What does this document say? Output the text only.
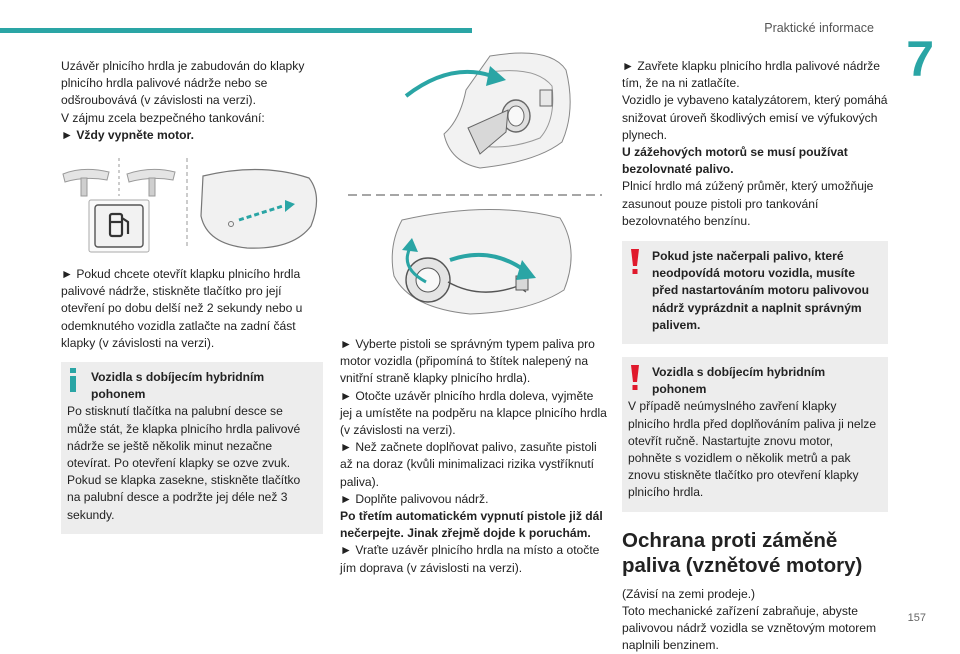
Praktické informace
7
157

Uzávěr plnicího hrdla je zabudován do klapky plnicího hrdla palivové nádrže nebo se odšroubovává (v závislosti na verzi).

V zájmu zcela bezpečného tankování:

► Vždy vypněte motor.

► Pokud chcete otevřít klapku plnicího hrdla palivové nádrže, stiskněte tlačítko pro její otevření po dobu delší než 2 sekundy nebo u odemknutého vozidla zatlačte na zadní část klapky (v závislosti na verzi).

Vozidla s dobíjecím hybridním pohonem

Po stisknutí tlačítka na palubní desce se může stát, že klapka plnicího hrdla palivové nádrže se ještě několik minut nezačne otevírat. Po otevření klapky se ozve zvuk. Pokud se klapka zasekne, stiskněte tlačítko na palubní desce a podržte jej déle než 3 sekundy.

► Vyberte pistoli se správným typem paliva pro motor vozidla (připomíná to štítek nalepený na vnitřní straně klapky plnicího hrdla).

► Otočte uzávěr plnicího hrdla doleva, vyjměte jej a umístěte na podpěru na klapce plnicího hrdla (v závislosti na verzi).

► Než začnete doplňovat palivo, zasuňte pistoli až na doraz (kvůli minimalizaci rizika vystříknutí paliva).

► Doplňte palivovou nádrž.

Po třetím automatickém vypnutí pistole již dál nečerpejte. Jinak zřejmě dojde k poruchám.

► Vraťte uzávěr plnicího hrdla na místo a otočte jím doprava (v závislosti na verzi).

► Zavřete klapku plnicího hrdla palivové nádrže tím, že na ni zatlačíte.

Vozidlo je vybaveno katalyzátorem, který pomáhá snižovat úroveň škodlivých emisí ve výfukových plynech.

U zážehových motorů se musí používat bezolovnaté palivo.

Plnicí hrdlo má zúžený průměr, který umožňuje zasunout pouze pistoli pro tankování bezolovnatého benzínu.

Pokud jste načerpali palivo, které neodpovídá motoru vozidla, musíte před nastartováním motoru palivovou nádrž vyprázdnit a naplnit správným palivem.

Vozidla s dobíjecím hybridním pohonem

V případě neúmyslného zavření klapky plnicího hrdla před doplňováním paliva ji nelze otevřít ručně. Nastartujte znovu motor, pohněte s vozidlem o několik metrů a pak znovu stiskněte tlačítko pro otevření klapky plnicího hrdla.

Ochrana proti záměně paliva (vznětové motory)

(Závisí na zemi prodeje.)

Toto mechanické zařízení zabraňuje, abyste palivovou nádrž vozidla se vznětovým motorem naplnili benzinem.
